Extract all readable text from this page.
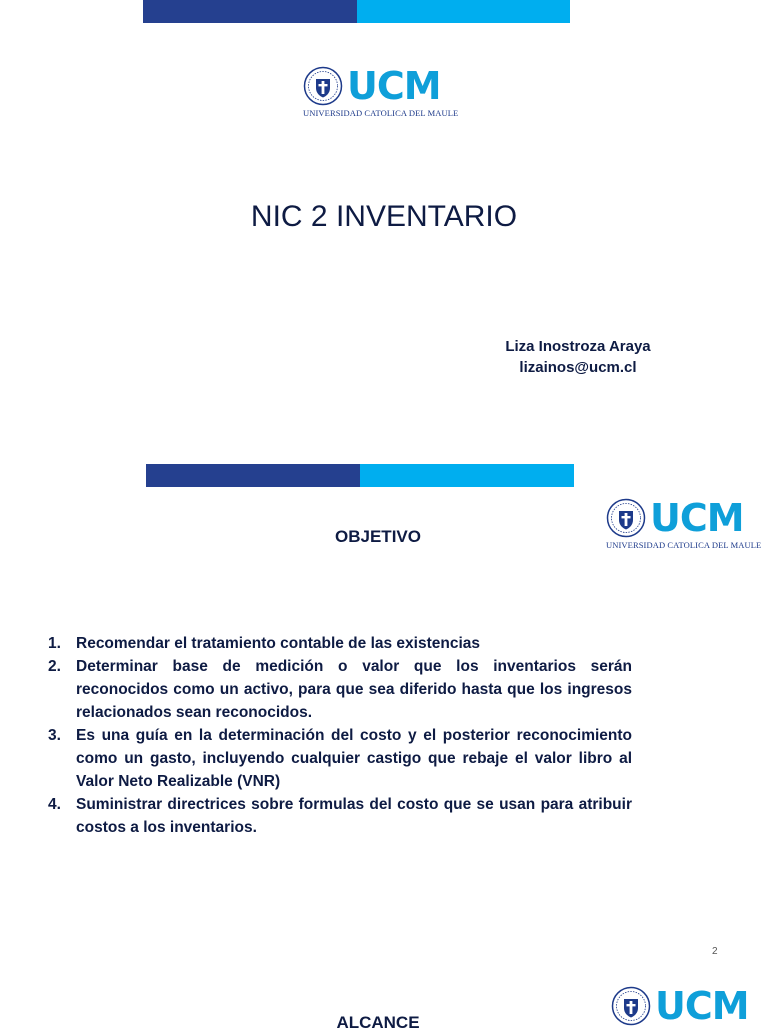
UCM
UNIVERSIDAD CATOLICA DEL MAULE
NIC 2 INVENTARIO
Liza Inostroza Araya
lizainos@ucm.cl
UCM
UNIVERSIDAD CATOLICA DEL MAULE
OBJETIVO
1. Recomendar el tratamiento contable de las existencias
2. Determinar base de medición o valor que los inventarios serán reconocidos como un activo, para que sea diferido hasta que los ingresos relacionados sean reconocidos.
3. Es una guía en la determinación del costo y el posterior reconocimiento como un gasto, incluyendo cualquier castigo que rebaje el valor libro al Valor Neto Realizable (VNR)
4. Suministrar directrices sobre formulas del costo que se usan para atribuir costos a los inventarios.
2
UCM
ALCANCE
